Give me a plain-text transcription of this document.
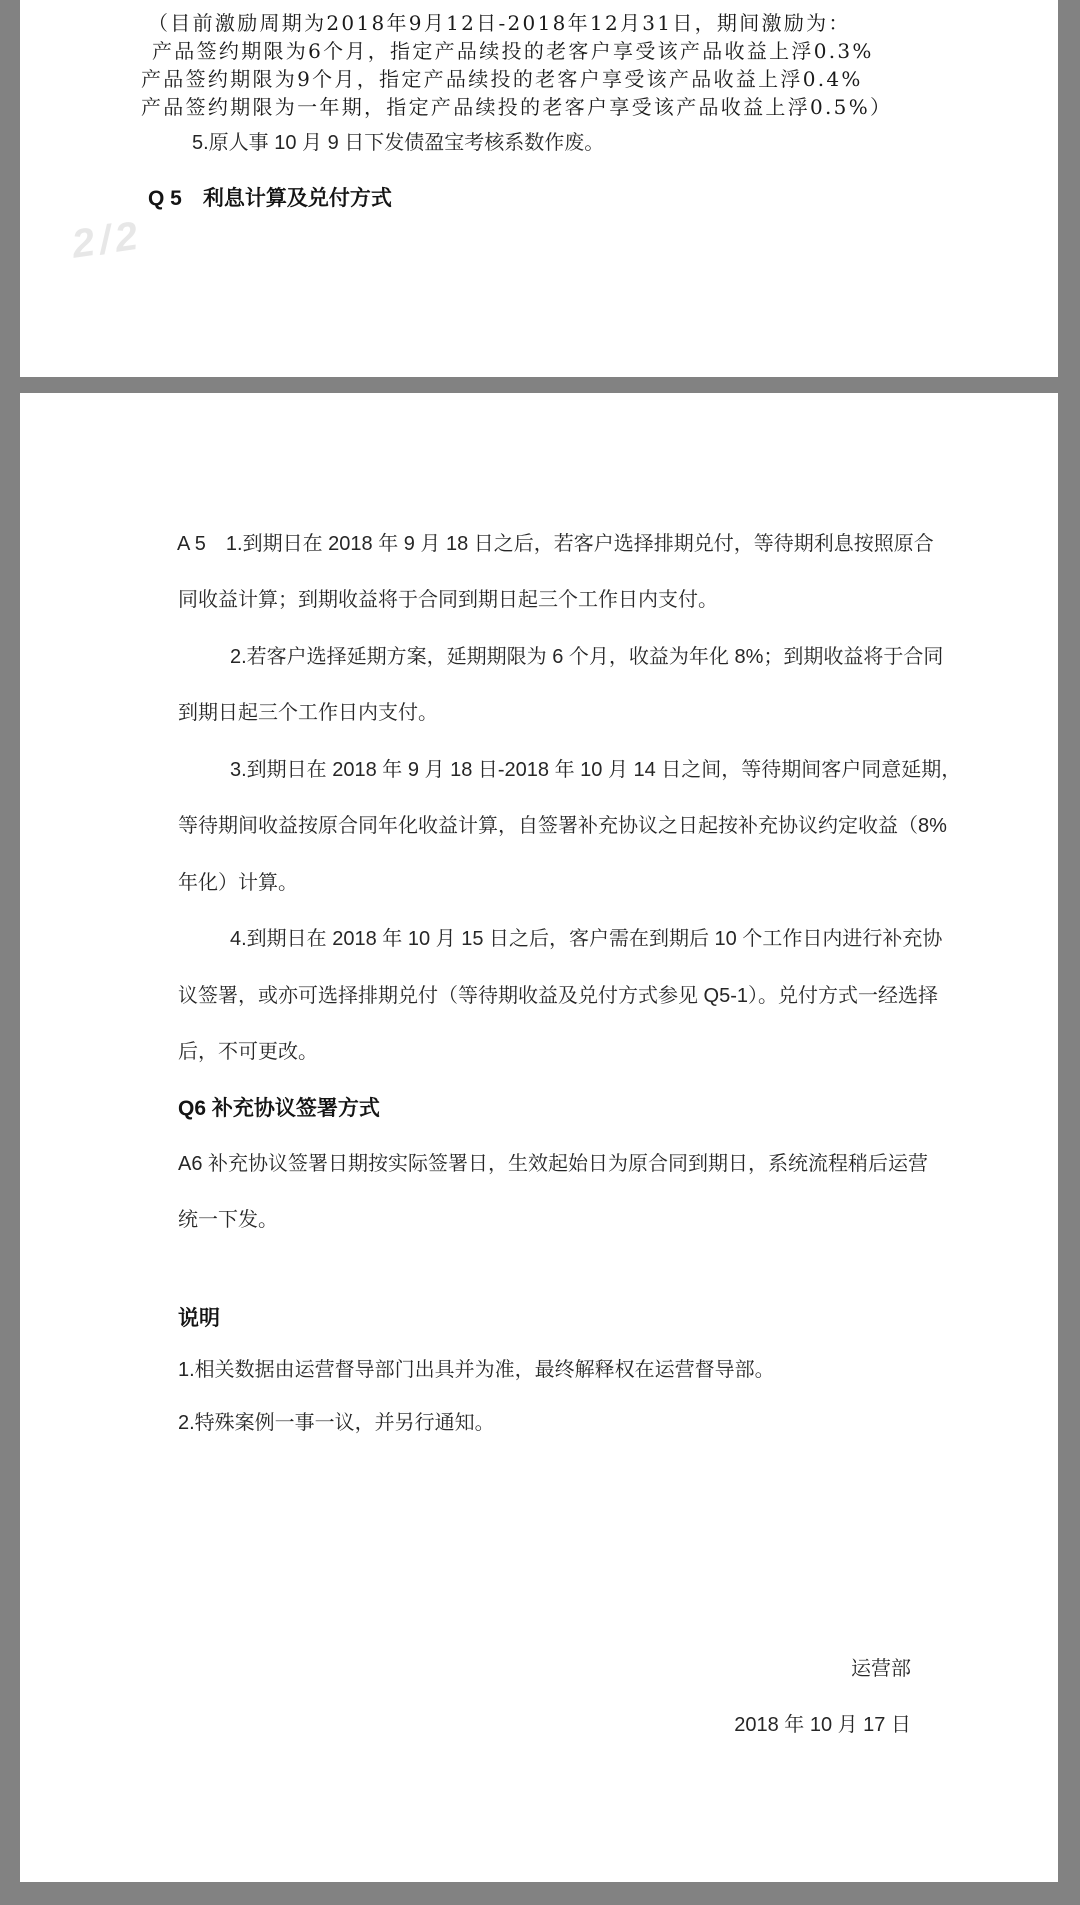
（目前激励周期为2018年9月12日-2018年12月31日，期间激励为：
产品签约期限为6个月，指定产品续投的老客户享受该产品收益上浮0.3%
产品签约期限为9个月，指定产品续投的老客户享受该产品收益上浮0.4%
产品签约期限为一年期，指定产品续投的老客户享受该产品收益上浮0.5%）
5.原人事 10 月 9 日下发债盈宝考核系数作废。
Q 5　利息计算及兑付方式
2/2
A 5　1.到期日在 2018 年 9 月 18 日之后，若客户选择排期兑付，等待期利息按照原合
同收益计算；到期收益将于合同到期日起三个工作日内支付。
2.若客户选择延期方案，延期期限为 6 个月，收益为年化 8%；到期收益将于合同
到期日起三个工作日内支付。
3.到期日在 2018 年 9 月 18 日-2018 年 10 月 14 日之间，等待期间客户同意延期，
等待期间收益按原合同年化收益计算，自签署补充协议之日起按补充协议约定收益（8%
年化）计算。
4.到期日在 2018 年 10 月 15 日之后，客户需在到期后 10 个工作日内进行补充协
议签署，或亦可选择排期兑付（等待期收益及兑付方式参见 Q5-1）。兑付方式一经选择
后，不可更改。
Q6 补充协议签署方式
A6 补充协议签署日期按实际签署日，生效起始日为原合同到期日，系统流程稍后运营
统一下发。
说明
1.相关数据由运营督导部门出具并为准，最终解释权在运营督导部。
2.特殊案例一事一议，并另行通知。
运营部
2018 年 10 月 17 日
